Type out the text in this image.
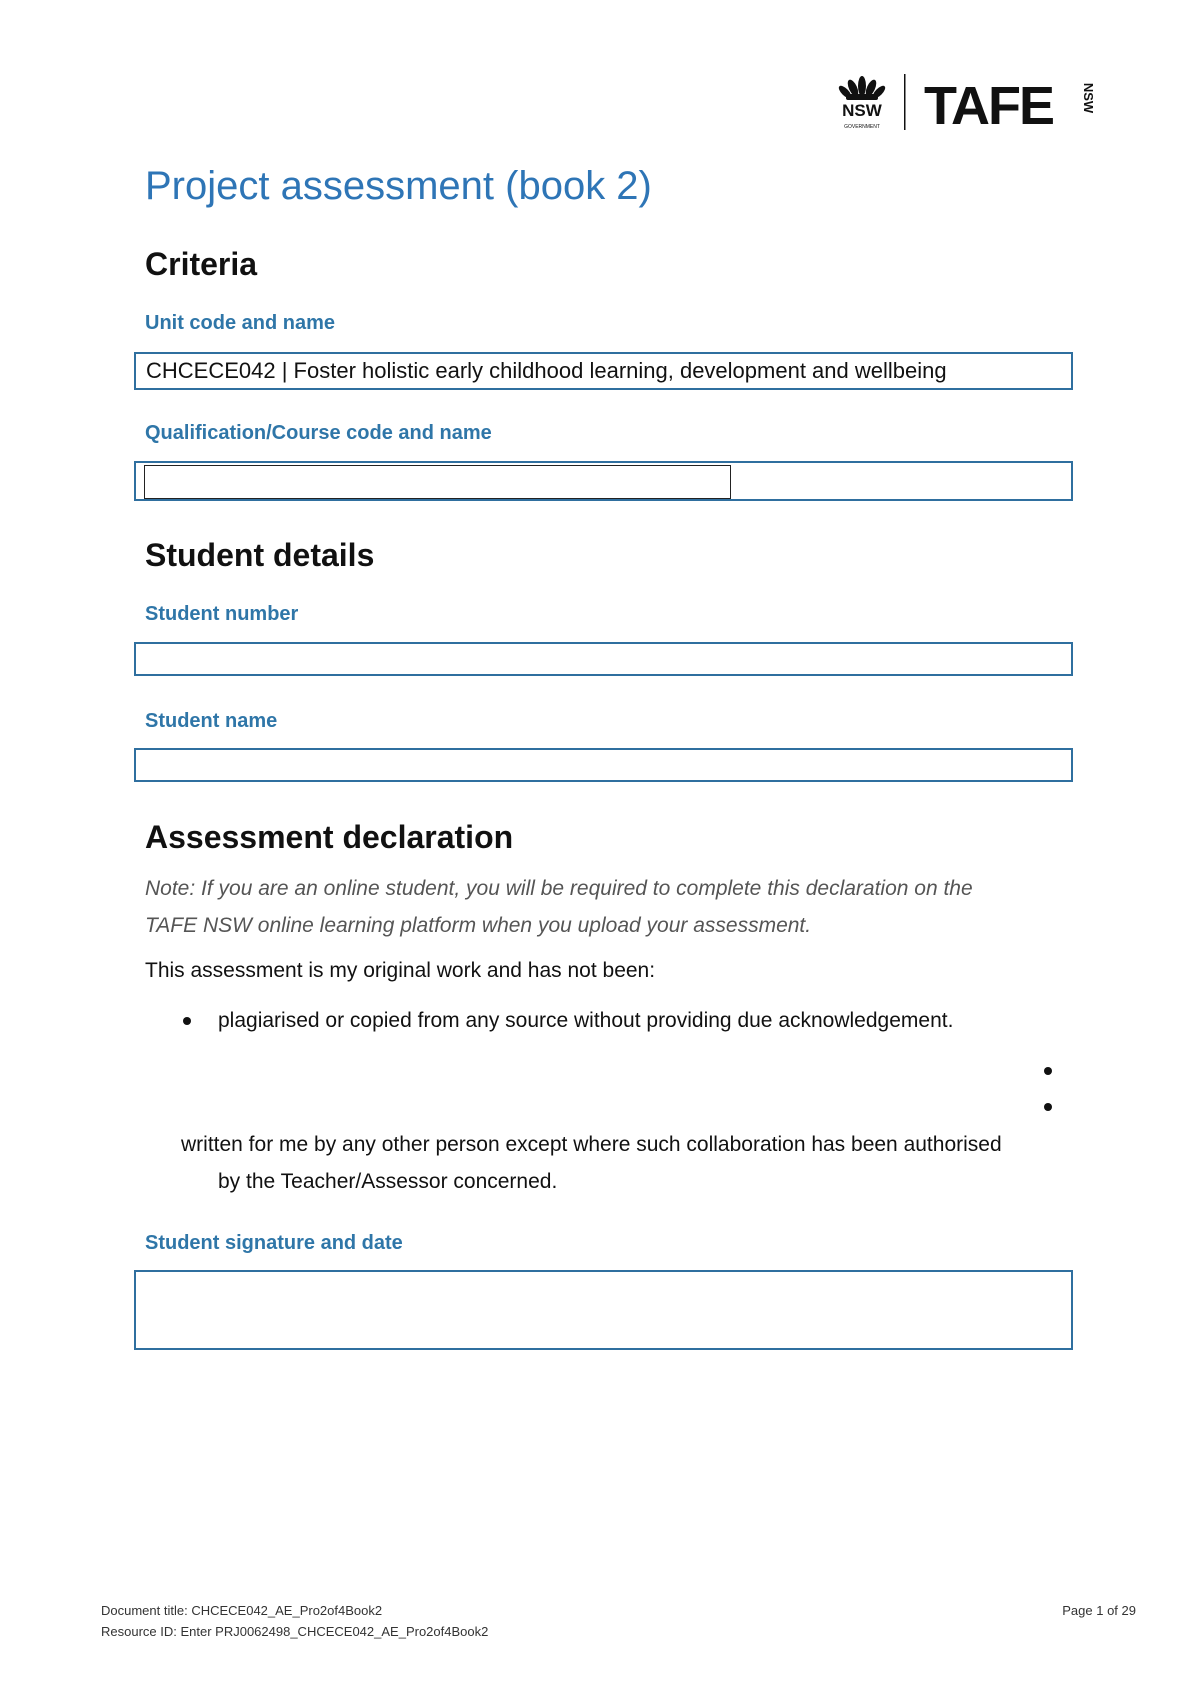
NSW
GOVERNMENT TAFE NSW
Project assessment (book 2)
Criteria
Unit code and name
CHCECE042 | Foster holistic early childhood learning, development and wellbeing
Qualification/Course code and name
Student details
Student number
Student name
Assessment declaration
Note: If you are an online student, you will be required to complete this declaration on the
TAFE NSW online learning platform when you upload your assessment.
This assessment is my original work and has not been:
plagiarised or copied from any source without providing due acknowledgement.
written for me by any other person except where such collaboration has been authorised
by the Teacher/Assessor concerned.
Student signature and date
Document title: CHCECE042_AE_Pro2of4Book2
Resource ID: Enter PRJ0062498_CHCECE042_AE_Pro2of4Book2
Page 1 of 29
